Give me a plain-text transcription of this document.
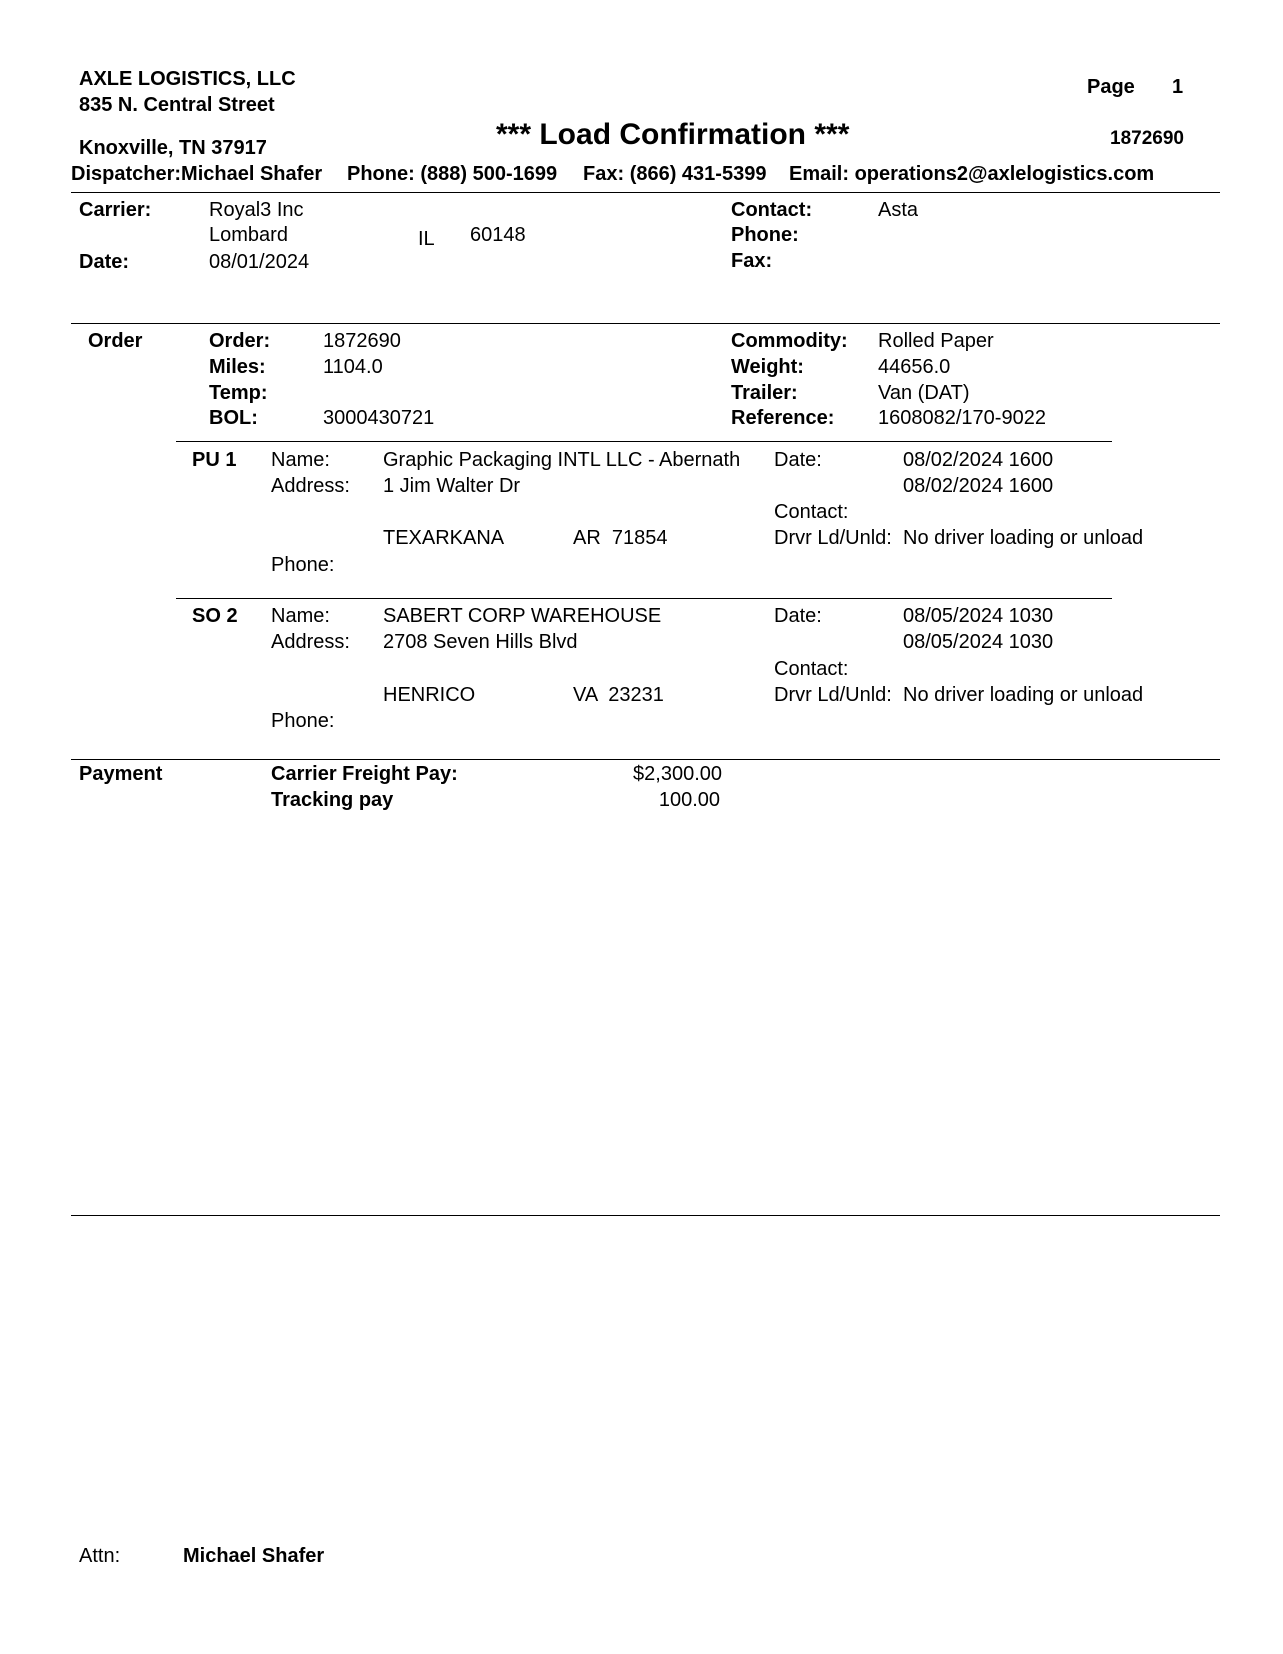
AXLE LOGISTICS, LLC
835 N. Central Street
Knoxville, TN 37917
Page 1
*** Load Confirmation ***	1872690
Dispatcher:Michael Shafer Phone: (888) 500-1699 Fax: (866) 431-5399 Email: operations2@axlelogistics.com
Carrier:	Royal3 Inc
Lombard	IL 60148
Date:	08/01/2024
Contact:	Asta
Phone:
Fax:
Order	Order:	1872690
Miles:	1104.0
Temp:
BOL:	3000430721
Commodity: Rolled Paper
Weight:	44656.0
Trailer:	Van (DAT)
Reference: 1608082/170-9022
PU 1 Name:	Graphic Packaging INTL LLC - Abernath
Address: 1 Jim Walter Dr
TEXARKANA	AR  71854
Phone:
Date:	08/02/2024 1600
08/02/2024 1600
Contact:
Drvr Ld/Unld: No driver loading or unload
SO 2 Name:	SABERT CORP WAREHOUSE
Address: 2708 Seven Hills Blvd
HENRICO	VA  23231
Phone:
Date:	08/05/2024 1030
08/05/2024 1030
Contact:
Drvr Ld/Unld: No driver loading or unload
Payment	Carrier Freight Pay:	$2,300.00
Tracking pay	100.00
Attn:	Michael Shafer
